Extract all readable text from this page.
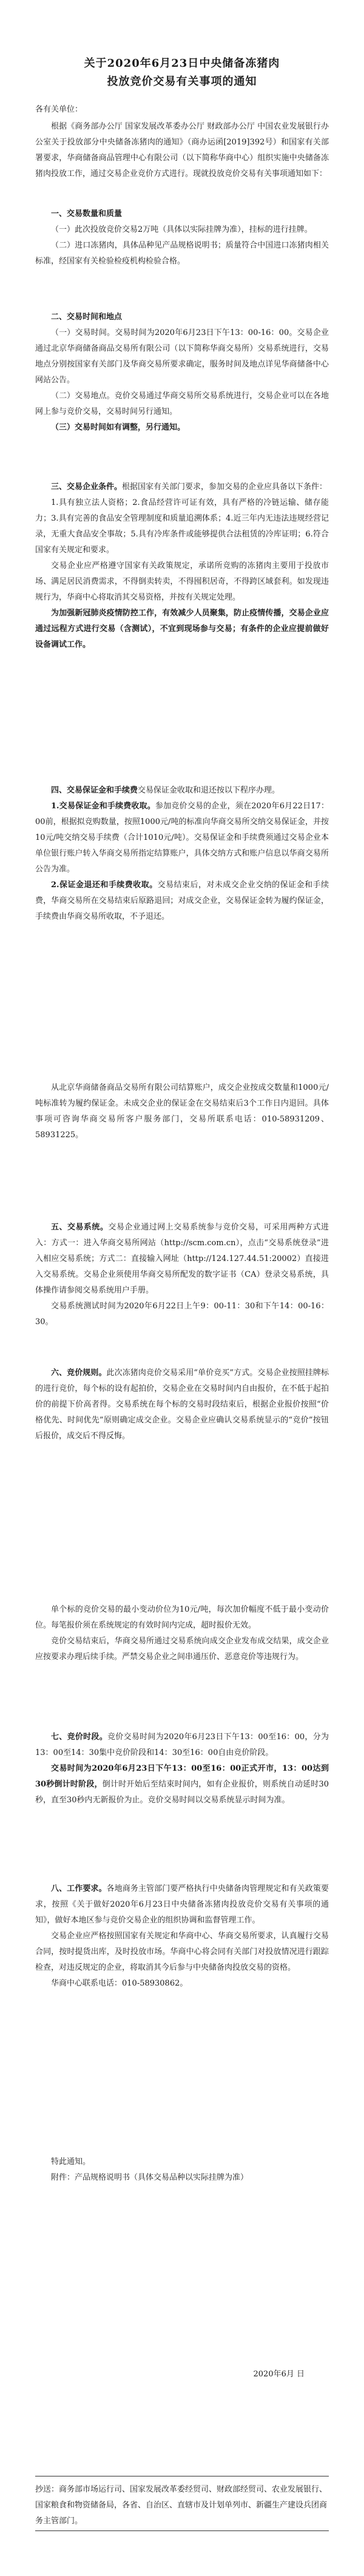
关于2020年6月23日中央储备冻猪肉
投放竞价交易有关事项的通知

各有关单位：

根据《商务部办公厅 国家发展改革委办公厅 财政部办公厅 中国农业发展银行办公室关于投放部分中央储备冻猪肉的通知》（商办运函[2019]392号）和国家有关部署要求，华商储备商品管理中心有限公司（以下简称华商中心）组织实施中央储备冻猪肉投放工作，通过交易企业竞价方式进行。现就投放竞价交易有关事项通知如下：

一、交易数量和质量

（一）此次投放竞价交易2万吨（具体以实际挂牌为准），挂标的进行挂牌。

（二）进口冻猪肉，具体品种见产品规格说明书；质量符合中国进口冻猪肉相关标准，经国家有关检验检疫机构检验合格。

二、交易时间和地点

（一）交易时间。交易时间为2020年6月23日下午13：00-16：00。交易企业通过北京华商储备商品交易所有限公司（以下简称华商交易所）交易系统进行，交易地点分别按国家有关部门及华商交易所要求确定，服务时间及地点详见华商储备中心网站公告。

（二）交易地点。竞价交易通过华商交易所交易系统进行，交易企业可以在各地网上参与竞价交易，交易时间另行通知。

（三）交易时间如有调整，另行通知。

三、交易企业条件。根据国家有关部门要求，参加交易的企业应具备以下条件：

1.具有独立法人资格；2.食品经营许可证有效，具有严格的冷链运输、储存能力；3.具有完善的食品安全管理制度和质量追溯体系；4.近三年内无违法违规经营记录，无重大食品安全事故；5.具有冷库条件或能够提供合法租赁的冷库证明；6.符合国家有关规定和要求。

交易企业应严格遵守国家有关政策规定，承诺所竞购的冻猪肉主要用于投放市场、满足居民消费需求，不得倒卖转卖，不得囤积居奇，不得跨区域套利。如发现违规行为，华商中心将取消其交易资格，并按有关规定处理。

为加强新冠肺炎疫情防控工作，有效减少人员聚集，防止疫情传播，交易企业应通过远程方式进行交易（含测试），不宜到现场参与交易；有条件的企业应提前做好设备调试工作。

四、交易保证金和手续费交易保证金收取和退还按以下程序办理。

1.交易保证金和手续费收取。参加竞价交易的企业，须在2020年6月22日17：00前，根据拟竞购数量，按照1000元/吨的标准向华商交易所交纳交易保证金，并按10元/吨交纳交易手续费（合计1010元/吨）。交易保证金和手续费须通过交易企业本单位银行账户转入华商交易所指定结算账户，具体交纳方式和账户信息以华商交易所公告为准。

2.保证金退还和手续费收取。交易结束后，对未成交企业交纳的保证金和手续费，华商交易所在交易结束后原路退回；对成交企业，交易保证金转为履约保证金，手续费由华商交易所收取，不予退还。

从北京华商储备商品交易所有限公司结算账户，成交企业按成交数量和1000元/吨标准转为履约保证金。未成交企业的保证金在交易结束后3个工作日内退回。具体事项可咨询华商交易所客户服务部门，交易所联系电话：010-58931209、58931225。

五、交易系统。交易企业通过网上交易系统参与竞价交易，可采用两种方式进入：方式一：进入华商交易所网站（http://scm.com.cn），点击“交易系统登录”进入相应交易系统；方式二：直接输入网址（http://124.127.44.51:20002）直接进入交易系统。交易企业须使用华商交易所配发的数字证书（CA）登录交易系统，具体操作请参阅交易系统用户手册。

交易系统测试时间为2020年6月22日上午9：00-11：30和下午14：00-16：30。

六、竞价规则。此次冻猪肉竞价交易采用“单价竞买”方式。交易企业按照挂牌标的进行竞价，每个标的设有起拍价，交易企业在交易时间内自由报价，在不低于起拍价的前提下价高者得。交易系统在每个标的交易时段结束后，根据企业报价按照“价格优先、时间优先”原则确定成交企业。交易企业应确认交易系统显示的“竞价”按钮后报价，成交后不得反悔。

单个标的竞价交易的最小变动价位为10元/吨，每次加价幅度不低于最小变动价位。每笔报价须在系统规定的有效时间内完成，超时报价无效。

竞价交易结束后，华商交易所通过交易系统向成交企业发布成交结果，成交企业应按要求办理后续手续。严禁交易企业之间串通压价、恶意竞价等违规行为。

七、竞价时段。竞价交易时间为2020年6月23日下午13：00至16：00，分为13：00至14：30集中竞价阶段和14：30至16：00自由竞价阶段。

交易时间为2020年6月23日下午13：00至16：00正式开市，13：00达到30秒倒计时阶段，倒计时开始后至结束时间内，如有企业报价，则系统自动延时30秒，直至30秒内无新报价为止。竞价交易时间以交易系统显示时间为准。

八、工作要求。各地商务主管部门要严格执行中央储备肉管理规定和有关政策要求，按照《关于做好2020年6月23日中央储备冻猪肉投放竞价交易有关事项的通知》，做好本地区参与竞价交易企业的组织协调和监督管理工作。

交易企业应严格按照国家有关规定和华商中心、华商交易所要求，认真履行交易合同，按时提货出库，及时投放市场。华商中心将会同有关部门对投放情况进行跟踪检查，对违反规定的企业，将取消其今后参与中央储备肉投放交易的资格。

华商中心联系电话：010-58930862。

特此通知。

附件：产品规格说明书（具体交易品种以实际挂牌为准）

2020年6月 日

抄送：商务部市场运行司、国家发展改革委经贸司、财政部经贸司、农业发展银行、国家粮食和物资储备局，各省、自治区、直辖市及计划单列市、新疆生产建设兵团商务主管部门。
